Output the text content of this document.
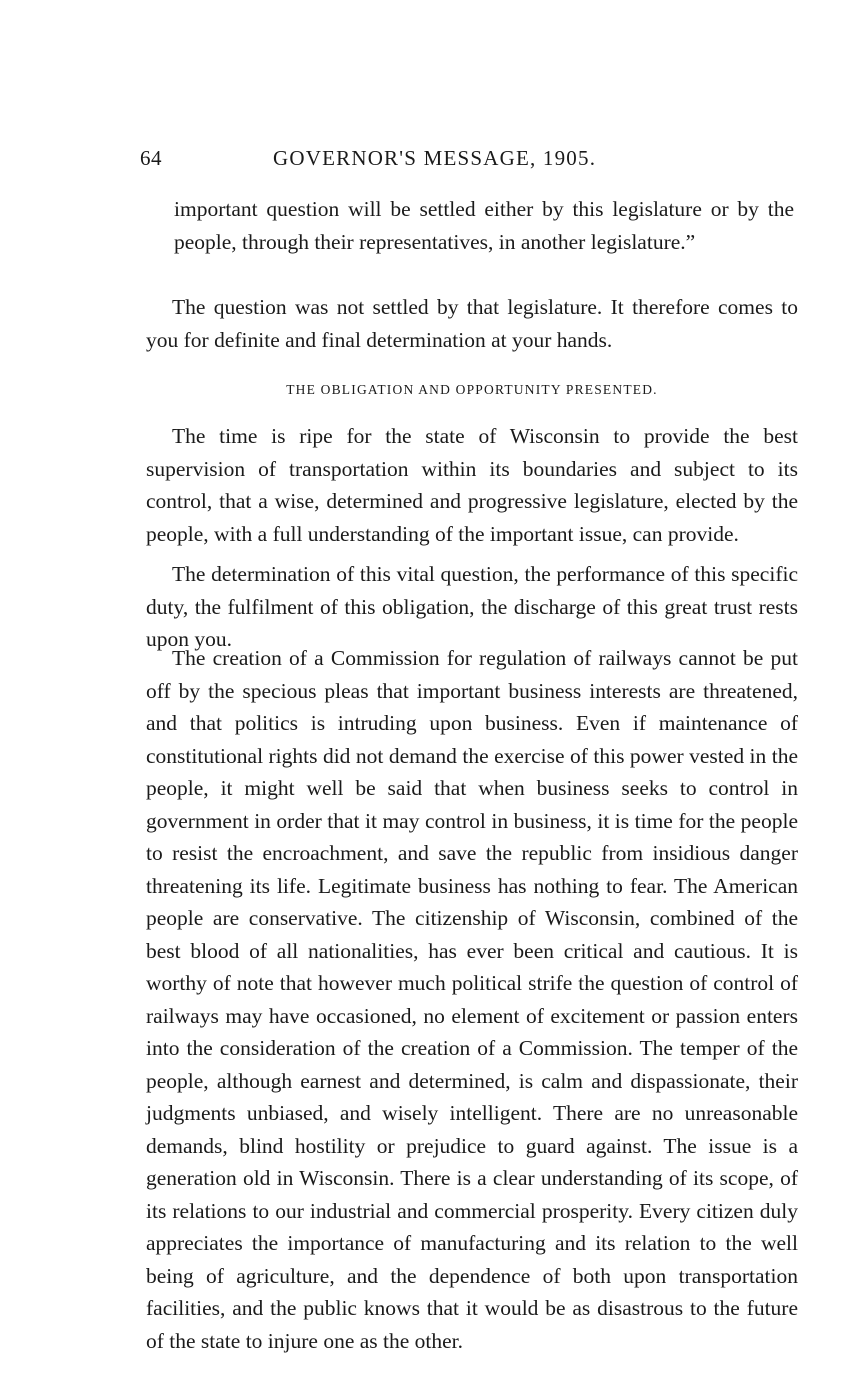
64	GOVERNOR'S MESSAGE, 1905.

important question will be settled either by this legislature or by the people, through their representatives, in another legislature.”

The question was not settled by that legislature. It therefore comes to you for definite and final determination at your hands.

THE OBLIGATION AND OPPORTUNITY PRESENTED.

The time is ripe for the state of Wisconsin to provide the best supervision of transportation within its boundaries and subject to its control, that a wise, determined and progressive legislature, elected by the people, with a full understanding of the important issue, can provide.

The determination of this vital question, the performance of this specific duty, the fulfilment of this obligation, the discharge of this great trust rests upon you.

The creation of a Commission for regulation of railways cannot be put off by the specious pleas that important business interests are threatened, and that politics is intruding upon business. Even if maintenance of constitutional rights did not demand the exercise of this power vested in the people, it might well be said that when business seeks to control in government in order that it may control in business, it is time for the people to resist the encroachment, and save the republic from insidious danger threatening its life. Legitimate business has nothing to fear. The American people are conservative. The citizenship of Wisconsin, combined of the best blood of all nationalities, has ever been critical and cautious. It is worthy of note that however much political strife the question of control of railways may have occasioned, no element of excitement or passion enters into the consideration of the creation of a Commission. The temper of the people, although earnest and determined, is calm and dispassionate, their judgments unbiased, and wisely intelligent. There are no unreasonable demands, blind hostility or prejudice to guard against. The issue is a generation old in Wisconsin. There is a clear understanding of its scope, of its relations to our industrial and commercial prosperity. Every citizen duly appreciates the importance of manufacturing and its relation to the well being of agriculture, and the dependence of both upon transportation facilities, and the public knows that it would be as disastrous to the future of the state to injure one as the other.
